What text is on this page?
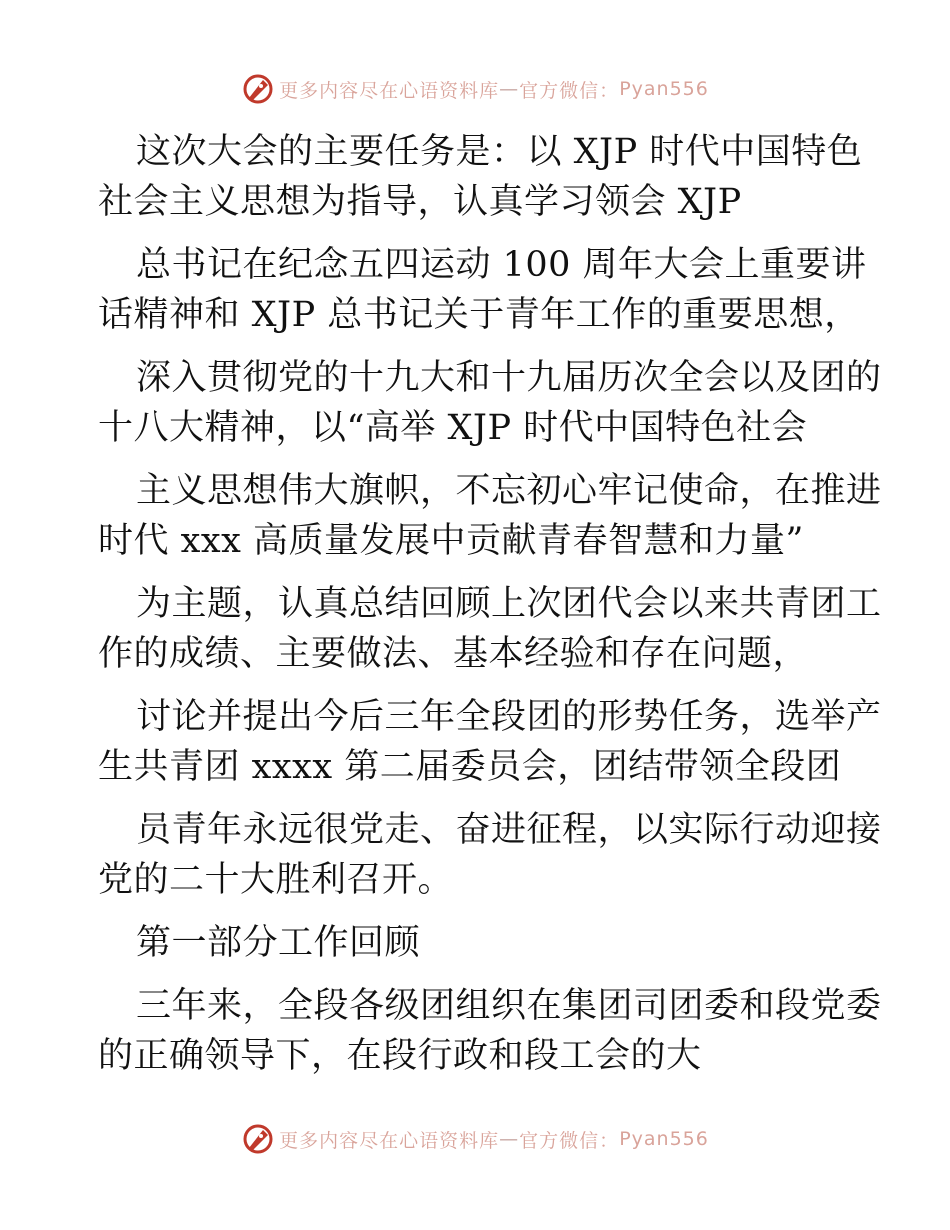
更多内容尽在心语资料库 — 官方微信： Pyan556
这次大会的主要任务是：以 XJP 时代中国特色
社会主义思想为指导，认真学习领会 XJP
总书记在纪念五四运动 100 周年大会上重要讲
话精神和 XJP 总书记关于青年工作的重要思想，
深入贯彻党的十九大和十九届历次全会以及团的
十八大精神，以“高举 XJP 时代中国特色社会
主义思想伟大旗帜，不忘初心牢记使命，在推进
时代 xxx 高质量发展中贡献青春智慧和力量”
为主题，认真总结回顾上次团代会以来共青团工
作的成绩、主要做法、基本经验和存在问题，
讨论并提出今后三年全段团的形势任务，选举产
生共青团 xxxx 第二届委员会，团结带领全段团
员青年永远很党走、奋进征程，以实际行动迎接
党的二十大胜利召开。
第一部分工作回顾
三年来，全段各级团组织在集团司团委和段党委
的正确领导下，在段行政和段工会的大
更多内容尽在心语资料库 — 官方微信： Pyan556
